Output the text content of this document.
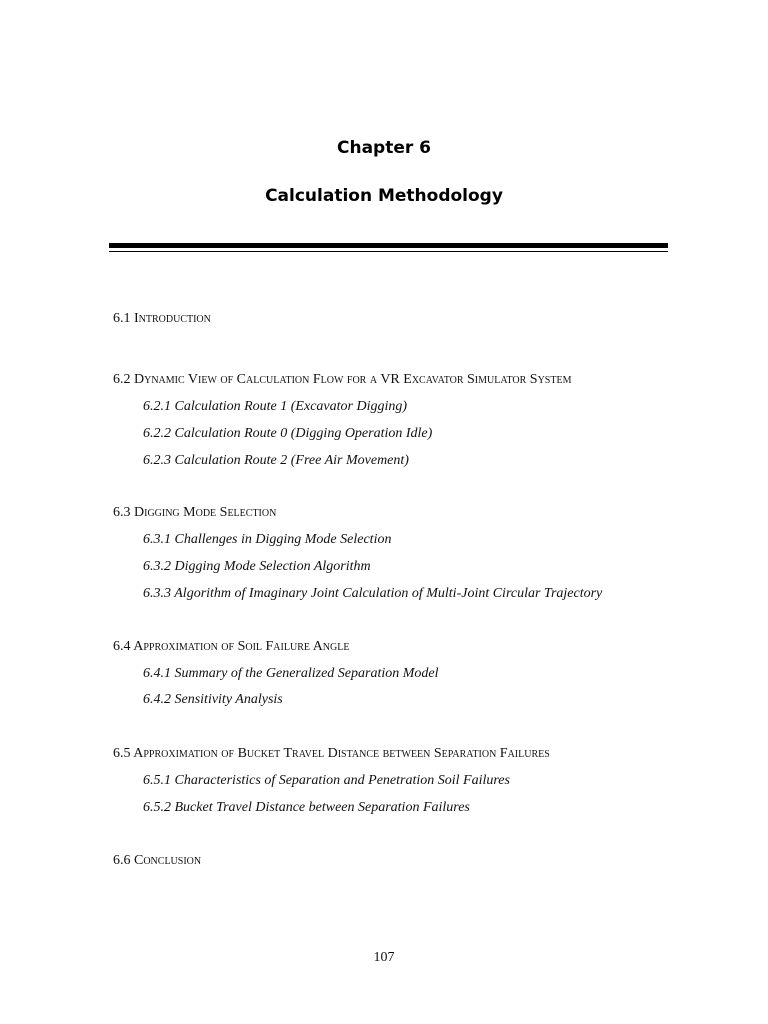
Chapter 6
Calculation Methodology
6.1 Introduction
6.2 Dynamic View of Calculation Flow for a VR Excavator Simulator System
6.2.1 Calculation Route 1 (Excavator Digging)
6.2.2 Calculation Route 0 (Digging Operation Idle)
6.2.3 Calculation Route 2 (Free Air Movement)
6.3 Digging Mode Selection
6.3.1 Challenges in Digging Mode Selection
6.3.2 Digging Mode Selection Algorithm
6.3.3 Algorithm of Imaginary Joint Calculation of Multi-Joint Circular Trajectory
6.4 Approximation of Soil Failure Angle
6.4.1 Summary of the Generalized Separation Model
6.4.2 Sensitivity Analysis
6.5 Approximation of Bucket Travel Distance between Separation Failures
6.5.1 Characteristics of Separation and Penetration Soil Failures
6.5.2 Bucket Travel Distance between Separation Failures
6.6 Conclusion
107
